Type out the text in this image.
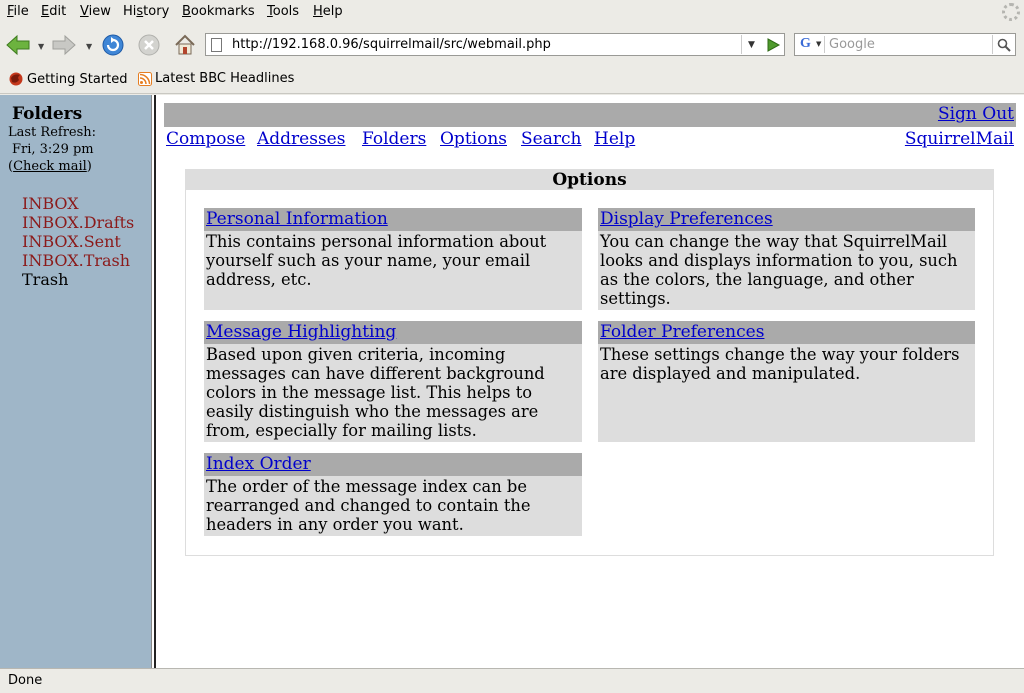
File Edit View History Bookmarks Tools Help
▼	▼	http://192.168.0.96/squirrelmail/src/webmail.php	▼	G ▼ Google
Getting Started Latest BBC Headlines
Folders
Last Refresh:
Fri, 3:29 pm
(Check mail)
INBOX
INBOX.Drafts
INBOX.Sent
INBOX.Trash
Trash
Sign Out
Compose Addresses Folders Options Search Help	SquirrelMail
Options
Personal Information
This contains personal information about yourself such as your name, your email address, etc.
Display Preferences
You can change the way that SquirrelMail looks and displays information to you, such as the colors, the language, and other settings.
Message Highlighting
Based upon given criteria, incoming messages can have different background colors in the message list. This helps to easily distinguish who the messages are from, especially for mailing lists.
Folder Preferences
These settings change the way your folders are displayed and manipulated.
Index Order
The order of the message index can be rearranged and changed to contain the headers in any order you want.
Done
